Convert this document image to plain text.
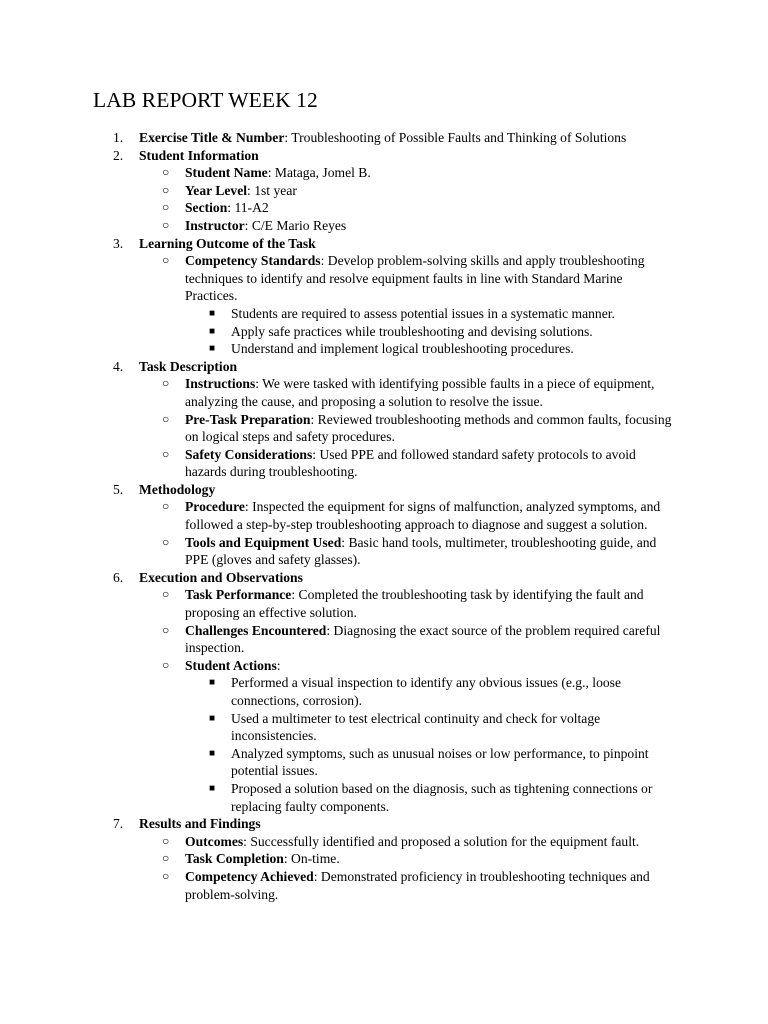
LAB REPORT WEEK 12
1.	Exercise Title & Number: Troubleshooting of Possible Faults and Thinking of Solutions
2.	Student Information
○ Student Name: Mataga, Jomel B.
○ Year Level: 1st year
○ Section: 11-A2
○ Instructor: C/E Mario Reyes
3.	Learning Outcome of the Task
○ Competency Standards: Develop problem-solving skills and apply troubleshooting techniques to identify and resolve equipment faults in line with Standard Marine Practices.
■ Students are required to assess potential issues in a systematic manner.
■ Apply safe practices while troubleshooting and devising solutions.
■ Understand and implement logical troubleshooting procedures.
4.	Task Description
○ Instructions: We were tasked with identifying possible faults in a piece of equipment, analyzing the cause, and proposing a solution to resolve the issue.
○ Pre-Task Preparation: Reviewed troubleshooting methods and common faults, focusing on logical steps and safety procedures.
○ Safety Considerations: Used PPE and followed standard safety protocols to avoid hazards during troubleshooting.
5.	Methodology
○ Procedure: Inspected the equipment for signs of malfunction, analyzed symptoms, and followed a step-by-step troubleshooting approach to diagnose and suggest a solution.
○ Tools and Equipment Used: Basic hand tools, multimeter, troubleshooting guide, and PPE (gloves and safety glasses).
6.	Execution and Observations
○ Task Performance: Completed the troubleshooting task by identifying the fault and proposing an effective solution.
○ Challenges Encountered: Diagnosing the exact source of the problem required careful inspection.
○ Student Actions:
■ Performed a visual inspection to identify any obvious issues (e.g., loose connections, corrosion).
■ Used a multimeter to test electrical continuity and check for voltage inconsistencies.
■ Analyzed symptoms, such as unusual noises or low performance, to pinpoint potential issues.
■ Proposed a solution based on the diagnosis, such as tightening connections or replacing faulty components.
7.	Results and Findings
○ Outcomes: Successfully identified and proposed a solution for the equipment fault.
○ Task Completion: On-time.
○ Competency Achieved: Demonstrated proficiency in troubleshooting techniques and problem-solving.
